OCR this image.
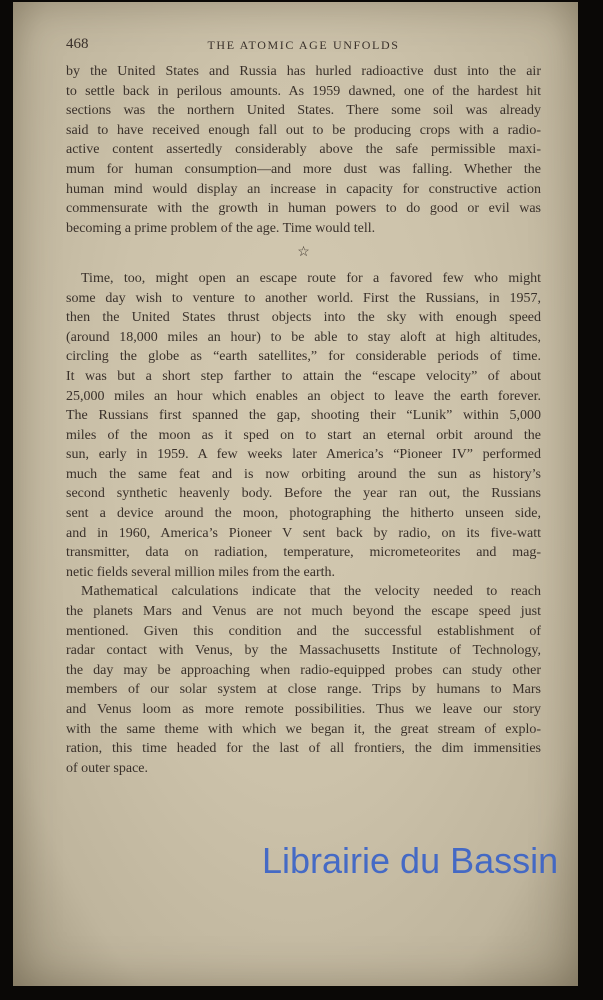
468	THE ATOMIC AGE UNFOLDS
by the United States and Russia has hurled radioactive dust into the air
to settle back in perilous amounts. As 1959 dawned, one of the hardest hit
sections was the northern United States. There some soil was already
said to have received enough fall out to be producing crops with a radio-
active content assertedly considerably above the safe permissible maxi-
mum for human consumption—and more dust was falling. Whether the
human mind would display an increase in capacity for constructive action
commensurate with the growth in human powers to do good or evil was
becoming a prime problem of the age. Time would tell.
☆
Time, too, might open an escape route for a favored few who might
some day wish to venture to another world. First the Russians, in 1957,
then the United States thrust objects into the sky with enough speed
(around 18,000 miles an hour) to be able to stay aloft at high altitudes,
circling the globe as “earth satellites,” for considerable periods of time.
It was but a short step farther to attain the “escape velocity” of about
25,000 miles an hour which enables an object to leave the earth forever.
The Russians first spanned the gap, shooting their “Lunik” within 5,000
miles of the moon as it sped on to start an eternal orbit around the
sun, early in 1959. A few weeks later America’s “Pioneer IV” performed
much the same feat and is now orbiting around the sun as history’s
second synthetic heavenly body. Before the year ran out, the Russians
sent a device around the moon, photographing the hitherto unseen side,
and in 1960, America’s Pioneer V sent back by radio, on its five-watt
transmitter, data on radiation, temperature, micrometeorites and mag-
netic fields several million miles from the earth.
Mathematical calculations indicate that the velocity needed to reach
the planets Mars and Venus are not much beyond the escape speed just
mentioned. Given this condition and the successful establishment of
radar contact with Venus, by the Massachusetts Institute of Technology,
the day may be approaching when radio-equipped probes can study other
members of our solar system at close range. Trips by humans to Mars
and Venus loom as more remote possibilities. Thus we leave our story
with the same theme with which we began it, the great stream of explo-
ration, this time headed for the last of all frontiers, the dim immensities
of outer space.
Librairie du Bassin
